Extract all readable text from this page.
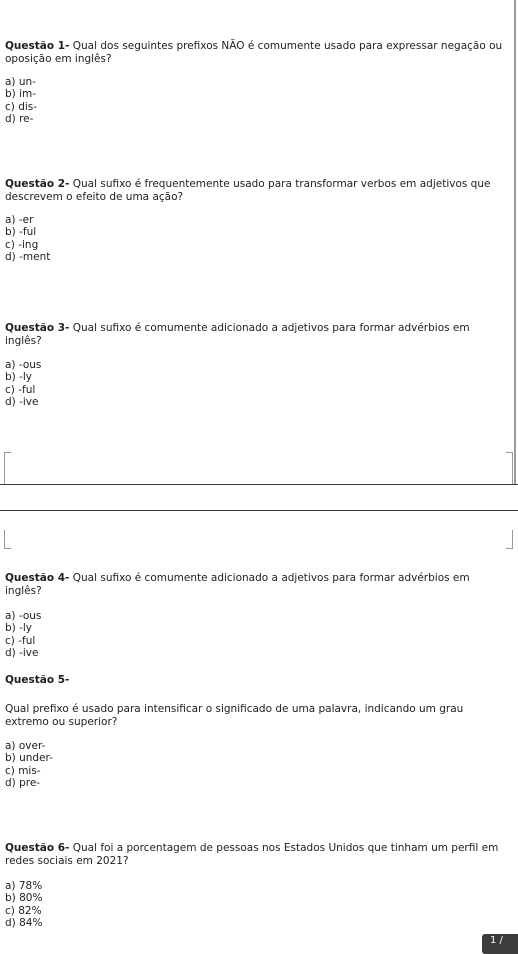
Questão 1- Qual dos seguintes prefixos NÃO é comumente usado para expressar negação ou oposição em inglês?

a) un-
b) im-
c) dis-
d) re-

Questão 2- Qual sufixo é frequentemente usado para transformar verbos em adjetivos que descrevem o efeito de uma ação?

a) -er
b) -ful
c) -ing
d) -ment

Questão 3- Qual sufixo é comumente adicionado a adjetivos para formar advérbios em inglês?

a) -ous
b) -ly
c) -ful
d) -ive

Questão 4- Qual sufixo é comumente adicionado a adjetivos para formar advérbios em inglês?

a) -ous
b) -ly
c) -ful
d) -ive

Questão 5-

Qual prefixo é usado para intensificar o significado de uma palavra, indicando um grau extremo ou superior?

a) over-
b) under-
c) mis-
d) pre-

Questão 6- Qual foi a porcentagem de pessoas nos Estados Unidos que tinham um perfil em redes sociais em 2021?

a) 78%
b) 80%
c) 82%
d) 84%
1 /
